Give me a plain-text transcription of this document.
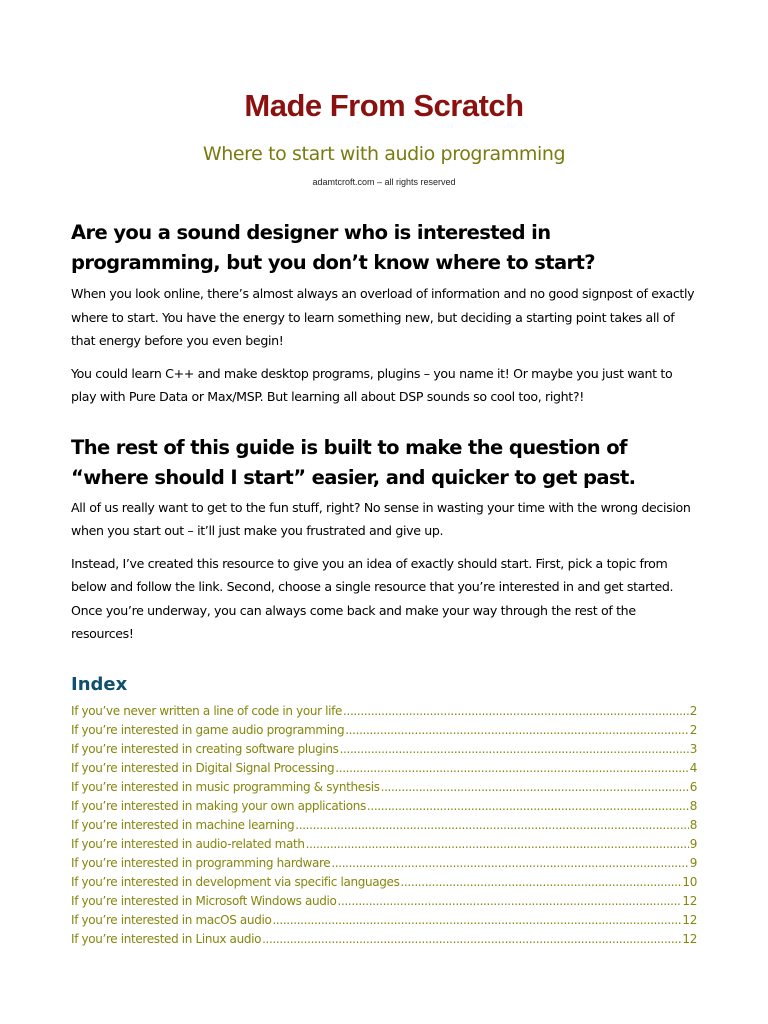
Made From Scratch
Where to start with audio programming
adamtcroft.com – all rights reserved
Are you a sound designer who is interested in programming, but you don’t know where to start?

When you look online, there’s almost always an overload of information and no good signpost of exactly where to start. You have the energy to learn something new, but deciding a starting point takes all of that energy before you even begin!

You could learn C++ and make desktop programs, plugins – you name it! Or maybe you just want to play with Pure Data or Max/MSP. But learning all about DSP sounds so cool too, right?!

The rest of this guide is built to make the question of “where should I start” easier, and quicker to get past.

All of us really want to get to the fun stuff, right? No sense in wasting your time with the wrong decision when you start out – it’ll just make you frustrated and give up.

Instead, I’ve created this resource to give you an idea of exactly should start. First, pick a topic from below and follow the link. Second, choose a single resource that you’re interested in and get started. Once you’re underway, you can always come back and make your way through the rest of the resources!

Index
If you’ve never written a line of code in your life .....	2
If you’re interested in game audio programming .....	2
If you’re interested in creating software plugins .....	3
If you’re interested in Digital Signal Processing .....	4
If you’re interested in music programming & synthesis .....	6
If you’re interested in making your own applications .....	8
If you’re interested in machine learning .....	8
If you’re interested in audio-related math .....	9
If you’re interested in programming hardware .....	9
If you’re interested in development via specific languages .....	10
If you’re interested in Microsoft Windows audio .....	12
If you’re interested in macOS audio .....	12
If you’re interested in Linux audio .....	12
